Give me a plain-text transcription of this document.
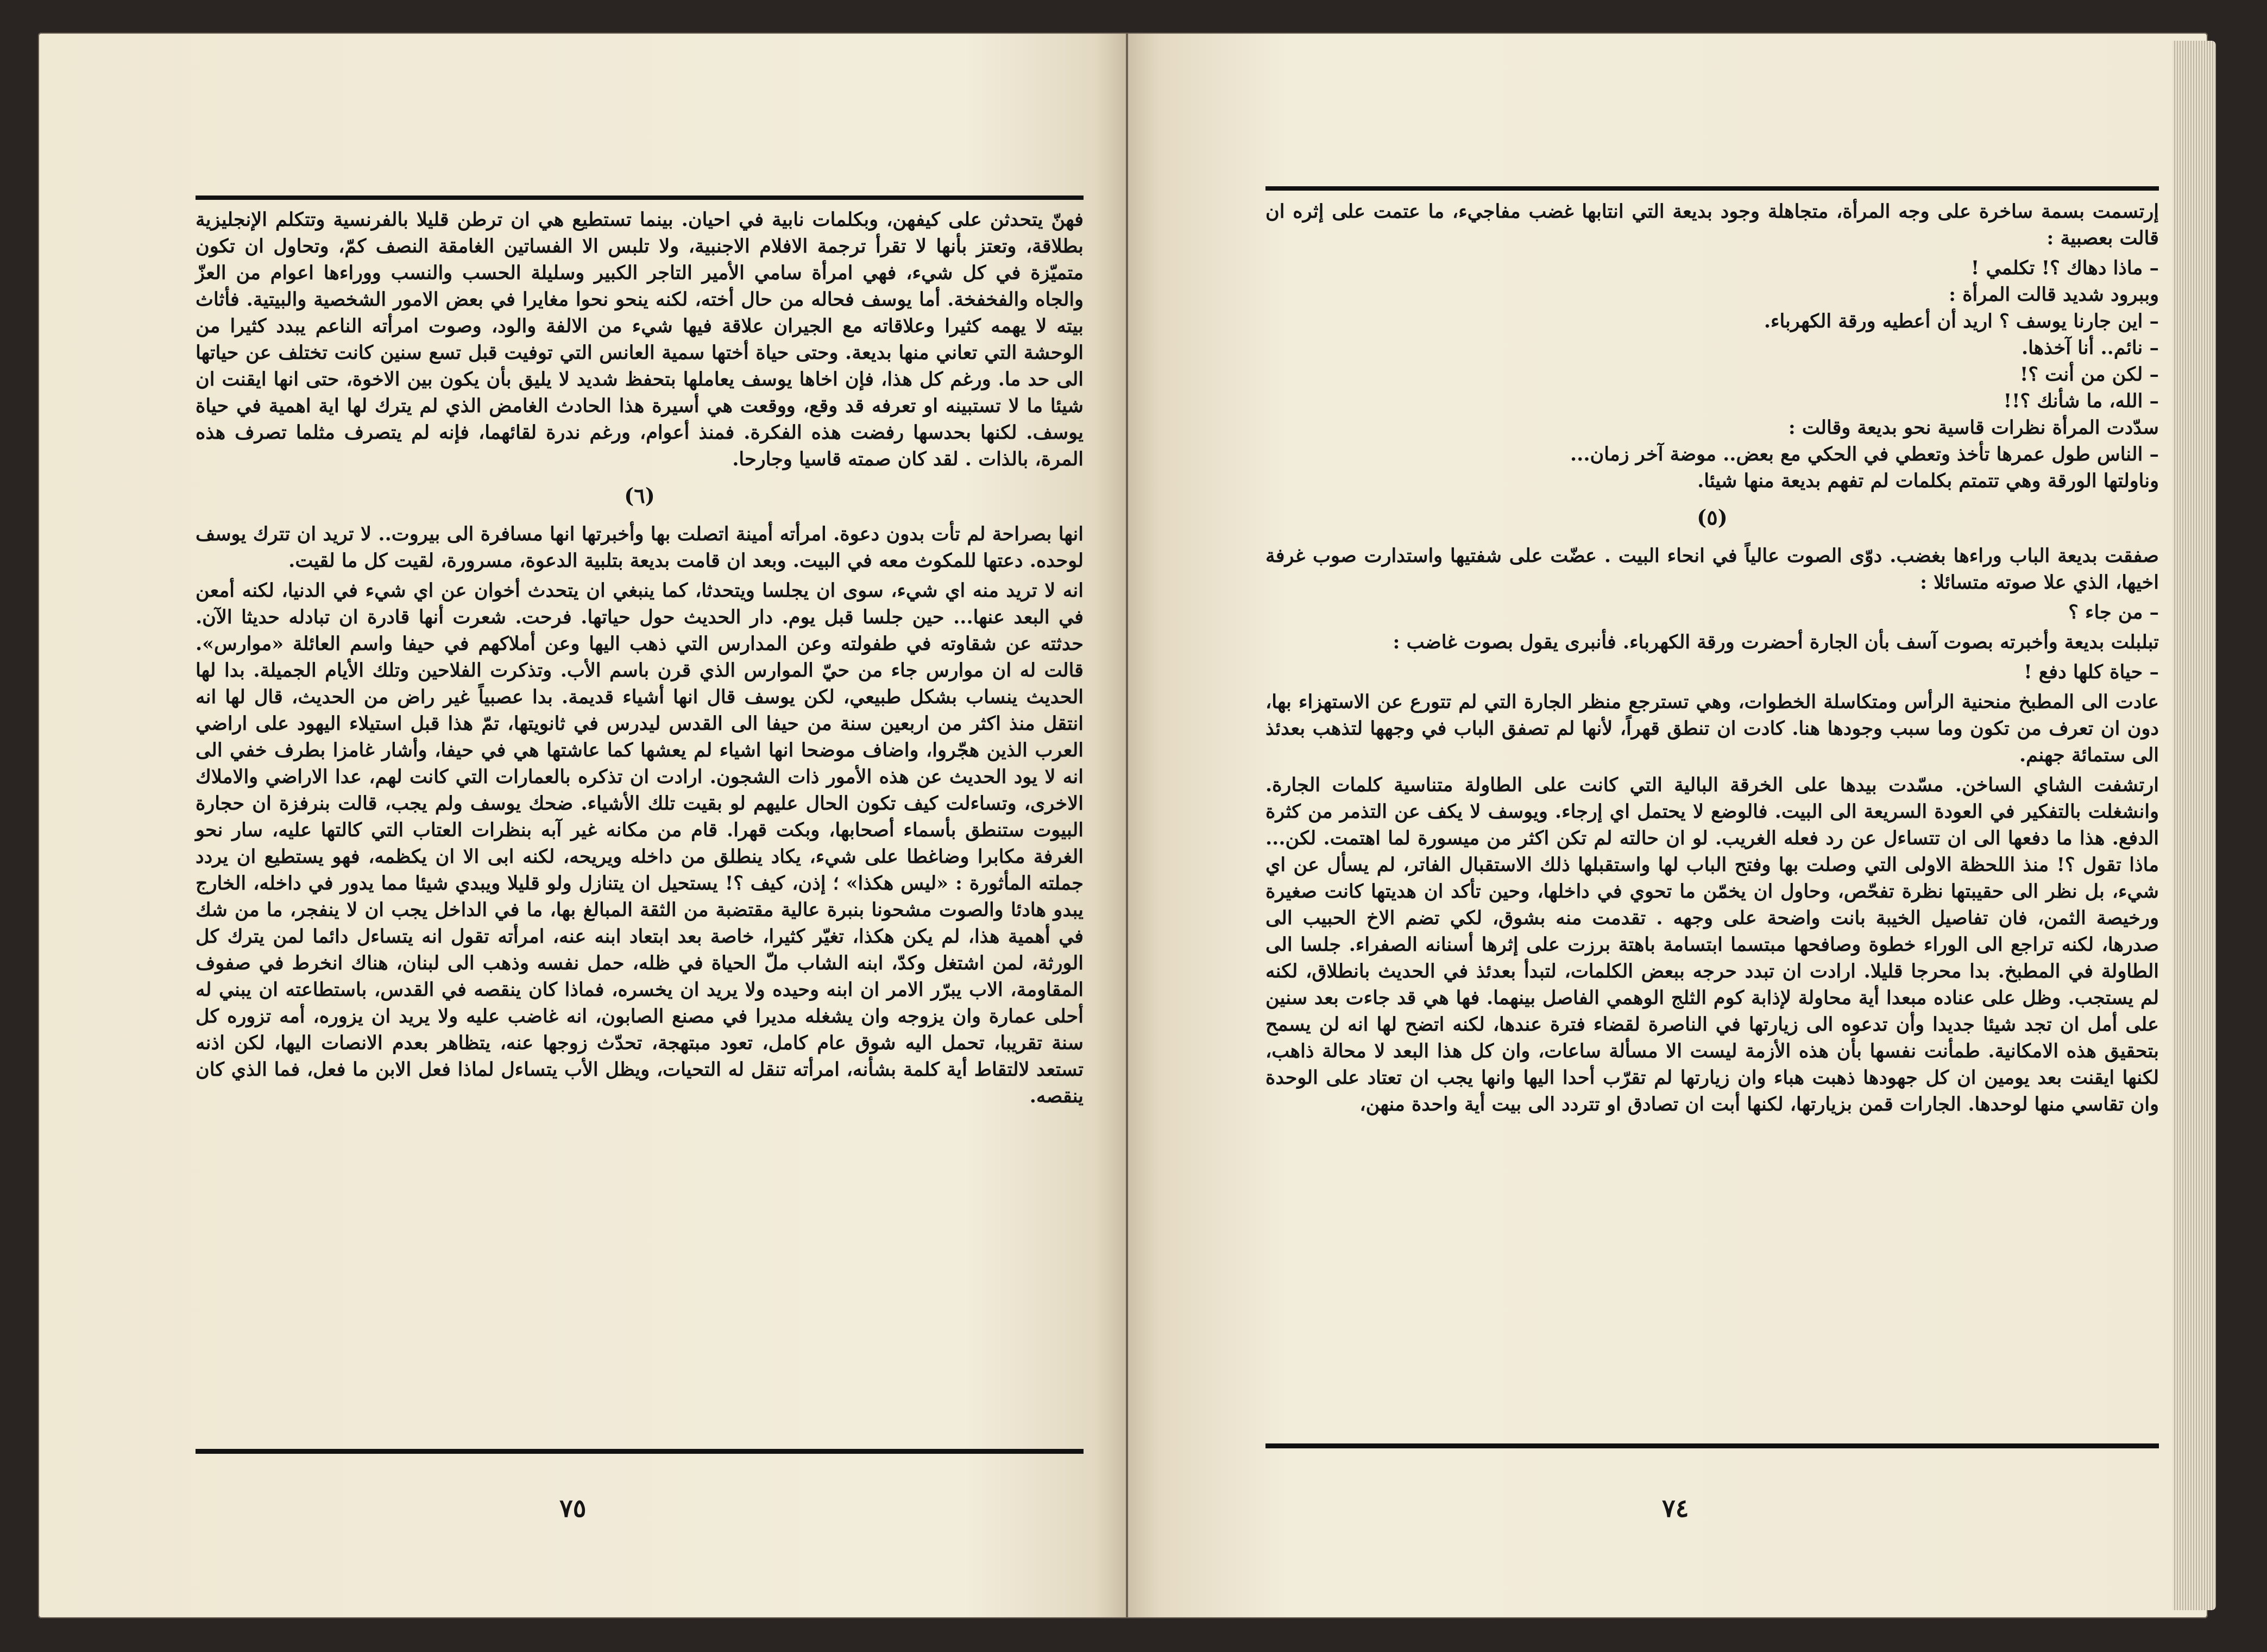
فهنّ يتحدثن على كيفهن، وبكلمات نابية في احيان. بينما تستطيع هي ان ترطن قليلا بالفرنسية وتتكلم الإنجليزية بطلاقة، وتعتز بأنها لا تقرأ ترجمة الافلام الاجنبية، ولا تلبس الا الفساتين الغامقة النصف كمّ، وتحاول ان تكون متميّزة في كل شيء، فهي امرأة سامي الأمير التاجر الكبير وسليلة الحسب والنسب ووراءها اعوام من العزّ والجاه والفخفخة. أما يوسف فحاله من حال أخته، لكنه ينحو نحوا مغايرا في بعض الامور الشخصية والبيتية. فأثاث بيته لا يهمه كثيرا وعلاقاته مع الجيران علاقة فيها شيء من الالفة والود، وصوت امرأته الناعم يبدد كثيرا من الوحشة التي تعاني منها بديعة. وحتى حياة أختها سمية العانس التي توفيت قبل تسع سنين كانت تختلف عن حياتها الى حد ما. ورغم كل هذا، فإن اخاها يوسف يعاملها بتحفظ شديد لا يليق بأن يكون بين الاخوة، حتى انها ايقنت ان شيئا ما لا تستبينه او تعرفه قد وقع، ووقعت هي أسيرة هذا الحادث الغامض الذي لم يترك لها اية اهمية في حياة يوسف. لكنها بحدسها رفضت هذه الفكرة. فمنذ أعوام، ورغم ندرة لقائهما، فإنه لم يتصرف مثلما تصرف هذه المرة، بالذات . لقد كان صمته قاسيا وجارحا.

(٦)

انها بصراحة لم تأت بدون دعوة. امرأته أمينة اتصلت بها وأخبرتها انها مسافرة الى بيروت.. لا تريد ان تترك يوسف لوحده. دعتها للمكوث معه في البيت. وبعد ان قامت بديعة بتلبية الدعوة، مسرورة، لقيت كل ما لقيت.

انه لا تريد منه اي شيء، سوى ان يجلسا ويتحدثا، كما ينبغي ان يتحدث أخوان عن اي شيء في الدنيا، لكنه أمعن في البعد عنها... حين جلسا قبل يوم. دار الحديث حول حياتها. فرحت. شعرت أنها قادرة ان تبادله حديثا الآن. حدثته عن شقاوته في طفولته وعن المدارس التي ذهب اليها وعن أملاكهم في حيفا واسم العائلة «موارس». قالت له ان موارس جاء من حيّ الموارس الذي قرن باسم الأب. وتذكرت الفلاحين وتلك الأيام الجميلة. بدا لها الحديث ينساب بشكل طبيعي، لكن يوسف قال انها أشياء قديمة. بدا عصبياً غير راض من الحديث، قال لها انه انتقل منذ اكثر من اربعين سنة من حيفا الى القدس ليدرس في ثانويتها، تمّ هذا قبل استيلاء اليهود على اراضي العرب الذين هجّروا، واضاف موضحا انها اشياء لم يعشها كما عاشتها هي في حيفا، وأشار غامزا بطرف خفي الى انه لا يود الحديث عن هذه الأمور ذات الشجون. ارادت ان تذكره بالعمارات التي كانت لهم، عدا الاراضي والاملاك الاخرى، وتساءلت كيف تكون الحال عليهم لو بقيت تلك الأشياء. ضحك يوسف ولم يجب، قالت بنرفزة ان حجارة البيوت ستنطق بأسماء أصحابها، وبكت قهرا. قام من مكانه غير آبه بنظرات العتاب التي كالتها عليه، سار نحو الغرفة مكابرا وضاغطا على شيء، يكاد ينطلق من داخله ويريحه، لكنه ابى الا ان يكظمه، فهو يستطيع ان يردد جملته المأثورة : «ليس هكذا» ؛ إذن، كيف ؟! يستحيل ان يتنازل ولو قليلا ويبدي شيئا مما يدور في داخله، الخارج يبدو هادئا والصوت مشحونا بنبرة عالية مقتضبة من الثقة المبالغ بها، ما في الداخل يجب ان لا ينفجر، ما من شك في أهمية هذا، لم يكن هكذا، تغيّر كثيرا، خاصة بعد ابتعاد ابنه عنه، امرأته تقول انه يتساءل دائما لمن يترك كل الورثة، لمن اشتغل وكدّ، ابنه الشاب ملّ الحياة في ظله، حمل نفسه وذهب الى لبنان، هناك انخرط في صفوف المقاومة، الاب يبرّر الامر ان ابنه وحيده ولا يريد ان يخسره، فماذا كان ينقصه في القدس، باستطاعته ان يبني له أحلى عمارة وان يزوجه وان يشغله مديرا في مصنع الصابون، انه غاضب عليه ولا يريد ان يزوره، أمه تزوره كل سنة تقريبا، تحمل اليه شوق عام كامل، تعود مبتهجة، تحدّث زوجها عنه، يتظاهر بعدم الانصات اليها، لكن اذنه تستعد لالتقاط أية كلمة بشأنه، امرأته تنقل له التحيات، ويظل الأب يتساءل لماذا فعل الابن ما فعل، فما الذي كان ينقصه.

٧٥

إرتسمت بسمة ساخرة على وجه المرأة، متجاهلة وجود بديعة التي انتابها غضب مفاجيء، ما عتمت على إثره ان قالت بعصبية :

– ماذا دهاك ؟! تكلمي !
وببرود شديد قالت المرأة :
– اين جارنا يوسف ؟ اريد أن أعطيه ورقة الكهرباء.
– نائم.. أنا آخذها.
– لكن من أنت ؟!
– الله، ما شأنك ؟!!
سدّدت المرأة نظرات قاسية نحو بديعة وقالت :
– الناس طول عمرها تأخذ وتعطي في الحكي مع بعض.. موضة آخر زمان...
وناولتها الورقة وهي تتمتم بكلمات لم تفهم بديعة منها شيئا.
(٥)

صفقت بديعة الباب وراءها بغضب. دوّى الصوت عالياً في انحاء البيت . عضّت على شفتيها واستدارت صوب غرفة اخيها، الذي علا صوته متسائلا :

– من جاء ؟

تبلبلت بديعة وأخبرته بصوت آسف بأن الجارة أحضرت ورقة الكهرباء. فأنبرى يقول بصوت غاضب :

– حياة كلها دفع !

عادت الى المطبخ منحنية الرأس ومتكاسلة الخطوات، وهي تسترجع منظر الجارة التي لم تتورع عن الاستهزاء بها، دون ان تعرف من تكون وما سبب وجودها هنا. كادت ان تنطق قهراً، لأنها لم تصفق الباب في وجهها لتذهب بعدئذ الى ستمائة جهنم.

ارتشفت الشاي الساخن. مسّدت بيدها على الخرقة البالية التي كانت على الطاولة متناسية كلمات الجارة. وانشغلت بالتفكير في العودة السريعة الى البيت. فالوضع لا يحتمل اي إرجاء. ويوسف لا يكف عن التذمر من كثرة الدفع. هذا ما دفعها الى ان تتساءل عن رد فعله الغريب. لو ان حالته لم تكن اكثر من ميسورة لما اهتمت. لكن... ماذا تقول ؟! منذ اللحظة الاولى التي وصلت بها وفتح الباب لها واستقبلها ذلك الاستقبال الفاتر، لم يسأل عن اي شيء، بل نظر الى حقيبتها نظرة تفحّص، وحاول ان يخمّن ما تحوي في داخلها، وحين تأكد ان هديتها كانت صغيرة ورخيصة الثمن، فان تفاصيل الخيبة بانت واضحة على وجهه . تقدمت منه بشوق، لكي تضم الاخ الحبيب الى صدرها، لكنه تراجع الى الوراء خطوة وصافحها مبتسما ابتسامة باهتة برزت على إثرها أسنانه الصفراء. جلسا الى الطاولة في المطبخ. بدا محرجا قليلا. ارادت ان تبدد حرجه ببعض الكلمات، لتبدأ بعدئذ في الحديث بانطلاق، لكنه لم يستجب. وظل على عناده مبعدا أية محاولة لإذابة كوم الثلج الوهمي الفاصل بينهما. فها هي قد جاءت بعد سنين على أمل ان تجد شيئا جديدا وأن تدعوه الى زيارتها في الناصرة لقضاء فترة عندها، لكنه اتضح لها انه لن يسمح بتحقيق هذه الامكانية. طمأنت نفسها بأن هذه الأزمة ليست الا مسألة ساعات، وان كل هذا البعد لا محالة ذاهب، لكنها ايقنت بعد يومين ان كل جهودها ذهبت هباء وان زيارتها لم تقرّب أحدا اليها وانها يجب ان تعتاد على الوحدة وان تقاسي منها لوحدها. الجارات قمن بزيارتها، لكنها أبت ان تصادق او تتردد الى بيت أية واحدة منهن،

٧٤
